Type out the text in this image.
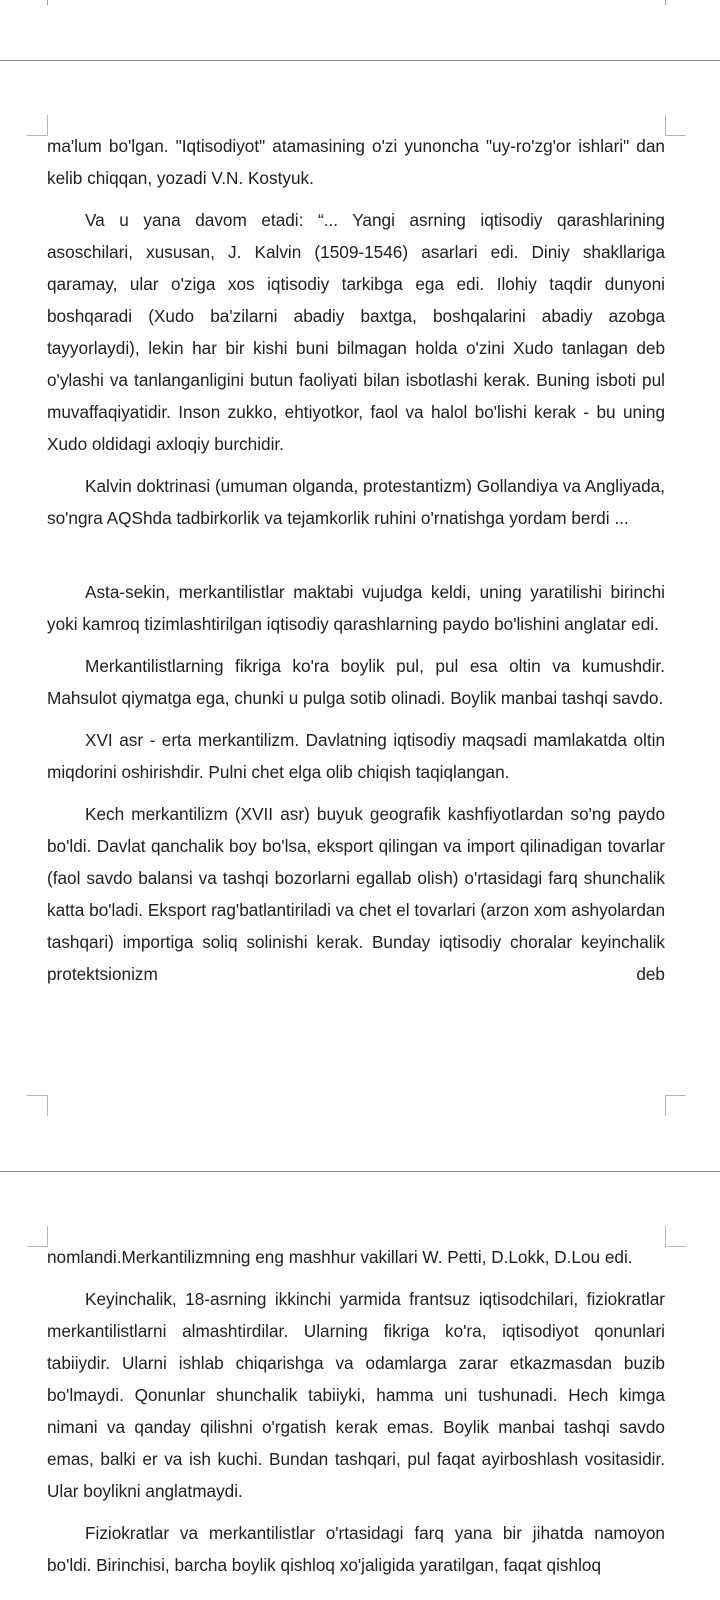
ma'lum bo'lgan. "Iqtisodiyot" atamasining o'zi yunoncha "uy-ro'zg'or ishlari" dan kelib chiqqan, yozadi V.N. Kostyuk.

Va u yana davom etadi: “... Yangi asrning iqtisodiy qarashlarining asoschilari, xususan, J. Kalvin (1509-1546) asarlari edi. Diniy shakllariga qaramay, ular o'ziga xos iqtisodiy tarkibga ega edi. Ilohiy taqdir dunyoni boshqaradi (Xudo ba'zilarni abadiy baxtga, boshqalarini abadiy azobga tayyorlaydi), lekin har bir kishi buni bilmagan holda o'zini Xudo tanlagan deb o'ylashi va tanlanganligini butun faoliyati bilan isbotlashi kerak. Buning isboti pul muvaffaqiyatidir. Inson zukko, ehtiyotkor, faol va halol bo'lishi kerak - bu uning Xudo oldidagi axloqiy burchidir.

Kalvin doktrinasi (umuman olganda, protestantizm) Gollandiya va Angliyada, so'ngra AQShda tadbirkorlik va tejamkorlik ruhini o'rnatishga yordam berdi ...

Asta-sekin, merkantilistlar maktabi vujudga keldi, uning yaratilishi birinchi yoki kamroq tizimlashtirilgan iqtisodiy qarashlarning paydo bo'lishini anglatar edi.

Merkantilistlarning fikriga ko'ra boylik pul, pul esa oltin va kumushdir. Mahsulot qiymatga ega, chunki u pulga sotib olinadi. Boylik manbai tashqi savdo.

XVI asr - erta merkantilizm. Davlatning iqtisodiy maqsadi mamlakatda oltin miqdorini oshirishdir. Pulni chet elga olib chiqish taqiqlangan.

Kech merkantilizm (XVII asr) buyuk geografik kashfiyotlardan so'ng paydo bo'ldi. Davlat qanchalik boy bo'lsa, eksport qilingan va import qilinadigan tovarlar (faol savdo balansi va tashqi bozorlarni egallab olish) o'rtasidagi farq shunchalik katta bo'ladi. Eksport rag'batlantiriladi va chet el tovarlari (arzon xom ashyolardan tashqari) importiga soliq solinishi kerak. Bunday iqtisodiy choralar keyinchalik protektsionizm deb

nomlandi.Merkantilizmning eng mashhur vakillari W. Petti, D.Lokk, D.Lou edi.

Keyinchalik, 18-asrning ikkinchi yarmida frantsuz iqtisodchilari, fiziokratlar merkantilistlarni almashtirdilar. Ularning fikriga ko'ra, iqtisodiyot qonunlari tabiiydir. Ularni ishlab chiqarishga va odamlarga zarar etkazmasdan buzib bo'lmaydi. Qonunlar shunchalik tabiiyki, hamma uni tushunadi. Hech kimga nimani va qanday qilishni o'rgatish kerak emas. Boylik manbai tashqi savdo emas, balki er va ish kuchi. Bundan tashqari, pul faqat ayirboshlash vositasidir. Ular boylikni anglatmaydi.

Fiziokratlar va merkantilistlar o'rtasidagi farq yana bir jihatda namoyon bo'ldi. Birinchisi, barcha boylik qishloq xo'jaligida yaratilgan, faqat qishloq
